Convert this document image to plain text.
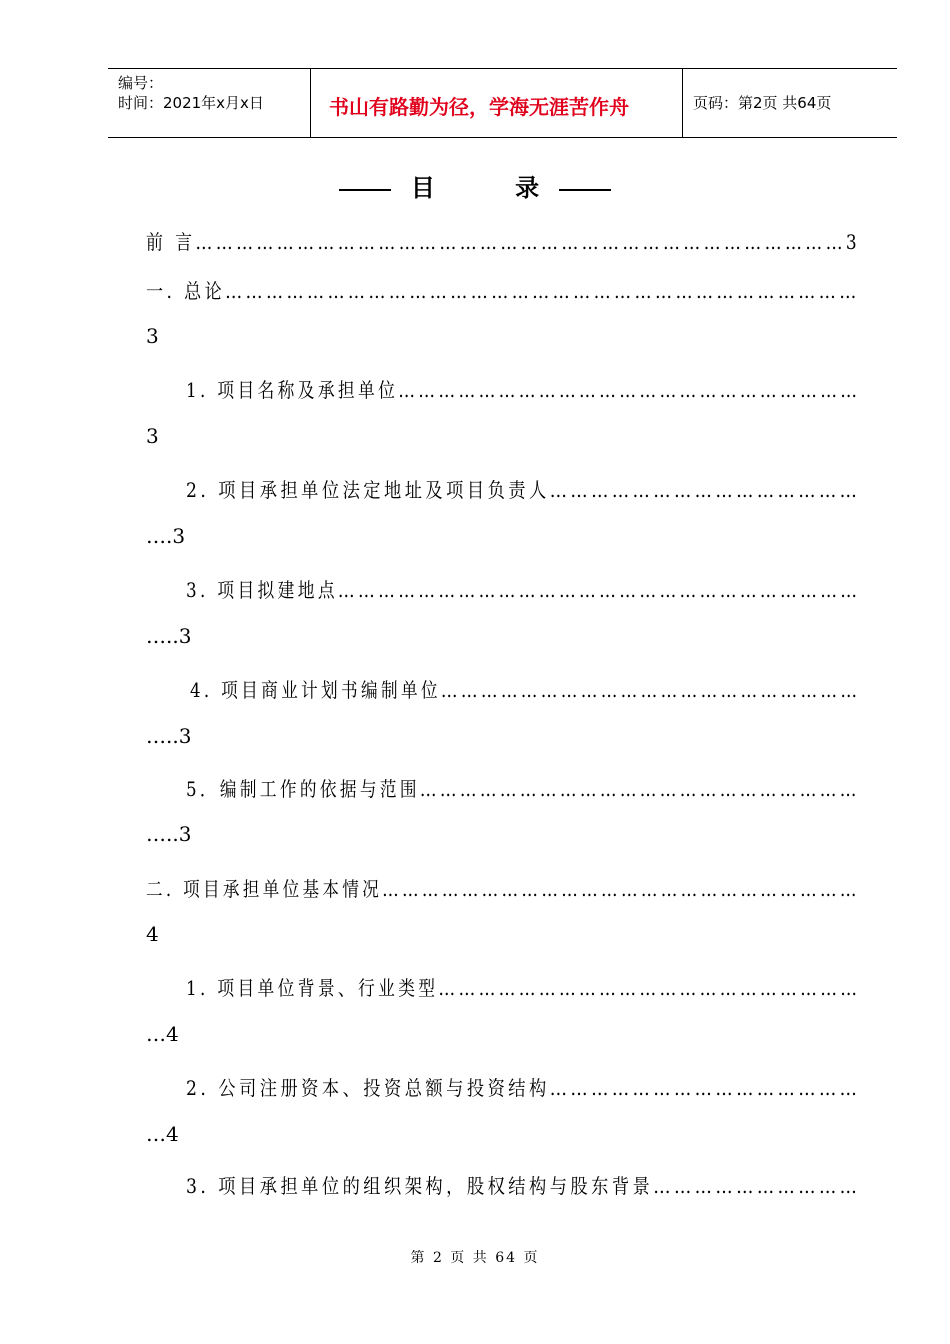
编号：
时间：2021年x月x日	书山有路勤为径，学海无涯苦作舟	页码：第2页 共64页
目 录
前 言……………………………………………………………………………………3
一. 总论…………………………………………………………………………………
3
1. 项目名称及承担单位……………………………………………………………
3
2. 项目承担单位法定地址及项目负责人………………………………………
….3
3. 项目拟建地点……………………………………………………………………
…..3
4. 项目商业计划书编制单位………………………………………………………
…..3
5．编制工作的依据与范围…………………………………………………………
…..3
二. 项目承担单位基本情况………………………………………………………………
4
1. 项目单位背景、行业类型………………………………………………………
…4
2. 公司注册资本、投资总额与投资结构………………………………………
…4
3. 项目承担单位的组织架构，股权结构与股东背景…………………………
第 2 页 共 64 页
